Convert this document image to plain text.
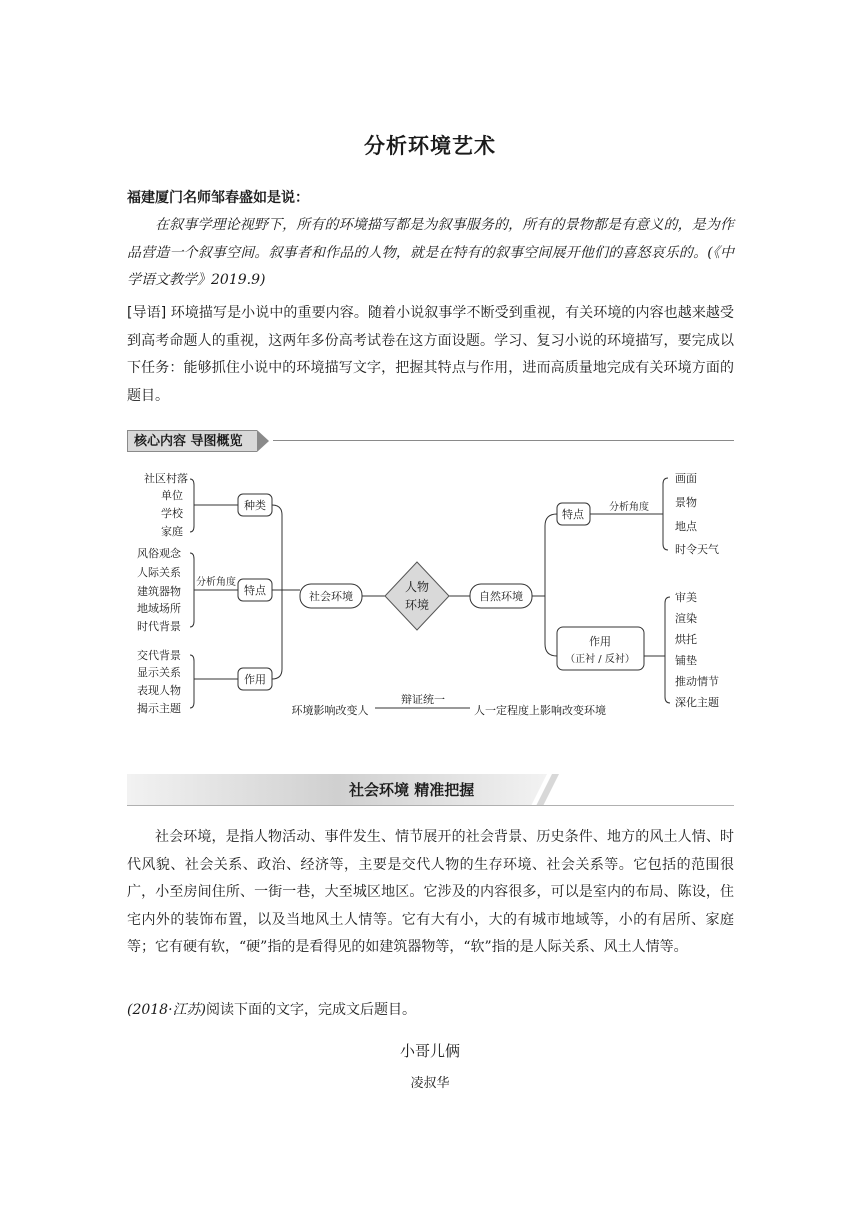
分析环境艺术
福建厦门名师邹春盛如是说：

在叙事学理论视野下，所有的环境描写都是为叙事服务的，所有的景物都是有意义的，是为作品营造一个叙事空间。叙事者和作品的人物，就是在特有的叙事空间展开他们的喜怒哀乐的。(《中学语文教学》2019.9)

[导语] 环境描写是小说中的重要内容。随着小说叙事学不断受到重视，有关环境的内容也越来越受到高考命题人的重视，这两年多份高考试卷在这方面设题。学习、复习小说的环境描写，要完成以下任务：能够抓住小说中的环境描写文字，把握其特点与作用，进而高质量地完成有关环境方面的题目。

核心内容 导图概览
社区村落
单位
学校
家庭
风俗观念
人际关系
建筑器物
地域场所
时代背景
分析角度
交代背景
显示关系
表现人物
揭示主题
种类
特点
作用
社会环境
人物
环境
自然环境
特点
分析角度
作用
（正衬 / 反衬）
画面
景物
地点
时令天气
审美
渲染
烘托
铺垫
推动情节
深化主题
环境影响改变人
辩证统一
人一定程度上影响改变环境
社会环境 精准把握

社会环境，是指人物活动、事件发生、情节展开的社会背景、历史条件、地方的风土人情、时代风貌、社会关系、政治、经济等，主要是交代人物的生存环境、社会关系等。它包括的范围很广，小至房间住所、一街一巷，大至城区地区。它涉及的内容很多，可以是室内的布局、陈设，住宅内外的装饰布置，以及当地风土人情等。它有大有小，大的有城市地域等，小的有居所、家庭等；它有硬有软，“硬”指的是看得见的如建筑器物等，“软”指的是人际关系、风土人情等。

(2018·江苏)阅读下面的文字，完成文后题目。
小哥儿俩
凌叔华
